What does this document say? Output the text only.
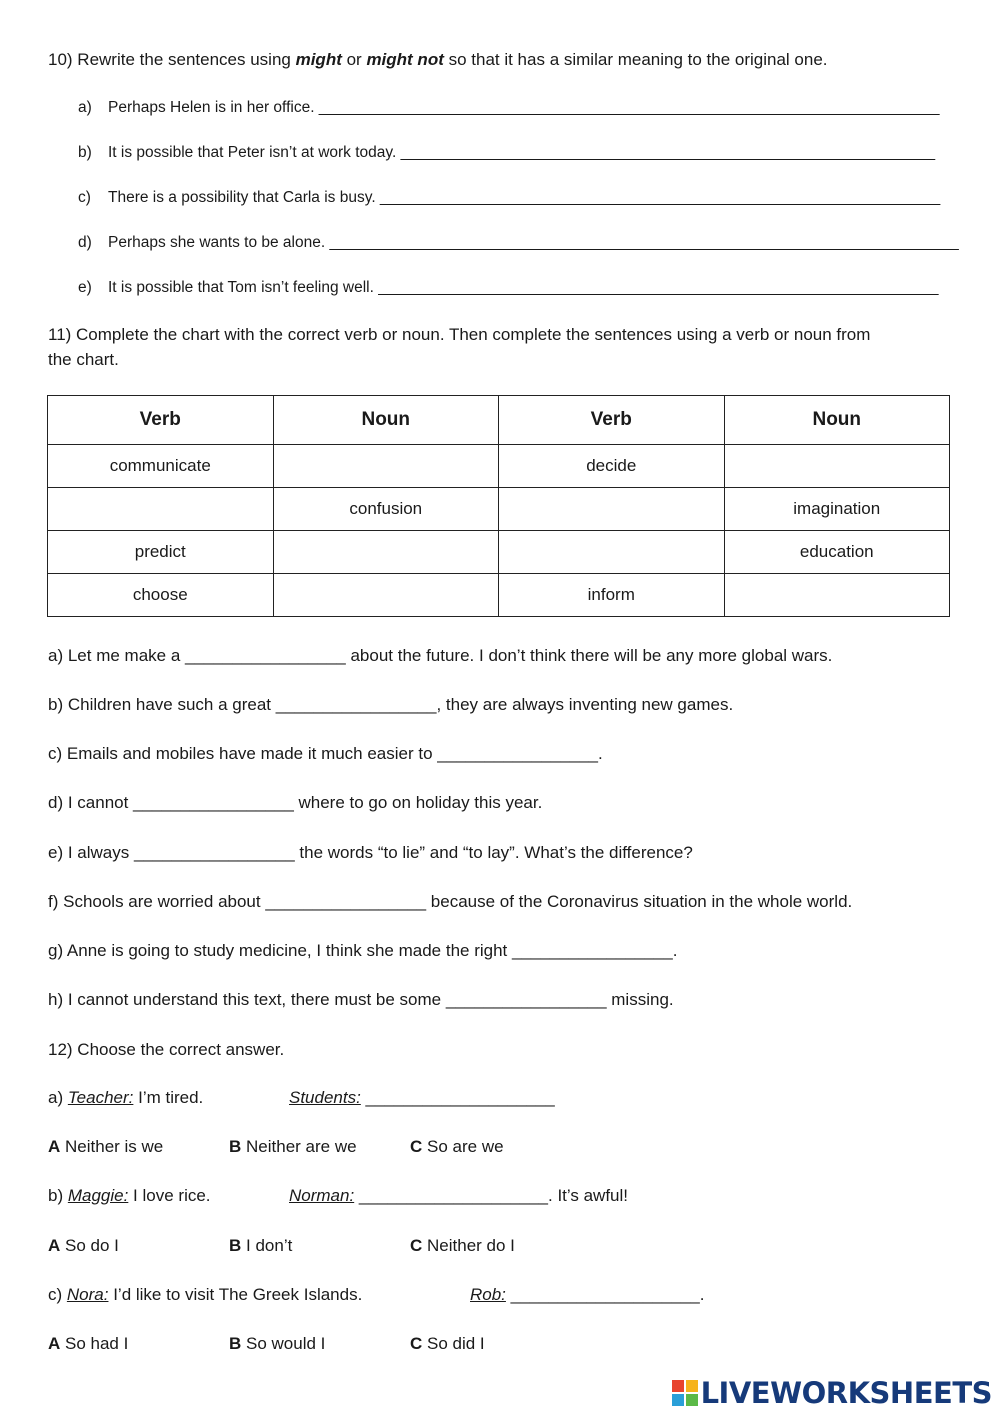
10) Rewrite the sentences using might or might not so that it has a similar meaning to the original one.
a) Perhaps Helen is in her office. ________________________________________________________________________
b) It is possible that Peter isn’t at work today. ______________________________________________________________
c) There is a possibility that Carla is busy. _________________________________________________________________
d) Perhaps she wants to be alone. _________________________________________________________________________
e) It is possible that Tom isn’t feeling well. _________________________________________________________________
11) Complete the chart with the correct verb or noun. Then complete the sentences using a verb or noun from
the chart.
Verb	Noun	Verb	Noun
communicate		decide	
	confusion		imagination
predict			education
choose		inform	
a) Let me make a _________________ about the future. I don’t think there will be any more global wars.
b) Children have such a great _________________, they are always inventing new games.
c) Emails and mobiles have made it much easier to _________________.
d) I cannot _________________ where to go on holiday this year.
e) I always _________________ the words “to lie” and “to lay”. What’s the difference?
f) Schools are worried about _________________ because of the Coronavirus situation in the whole world.
g) Anne is going to study medicine, I think she made the right _________________.
h) I cannot understand this text, there must be some _________________ missing.
12) Choose the correct answer.
a) Teacher: I’m tired.	Students: ____________________
A Neither is we	B Neither are we	C So are we
b) Maggie: I love rice.	Norman: ____________________. It’s awful!
A So do I	B I don’t	C Neither do I
c) Nora: I’d like to visit The Greek Islands.	Rob: ____________________.
A So had I	B So would I	C So did I
LIVEWORKSHEETS
